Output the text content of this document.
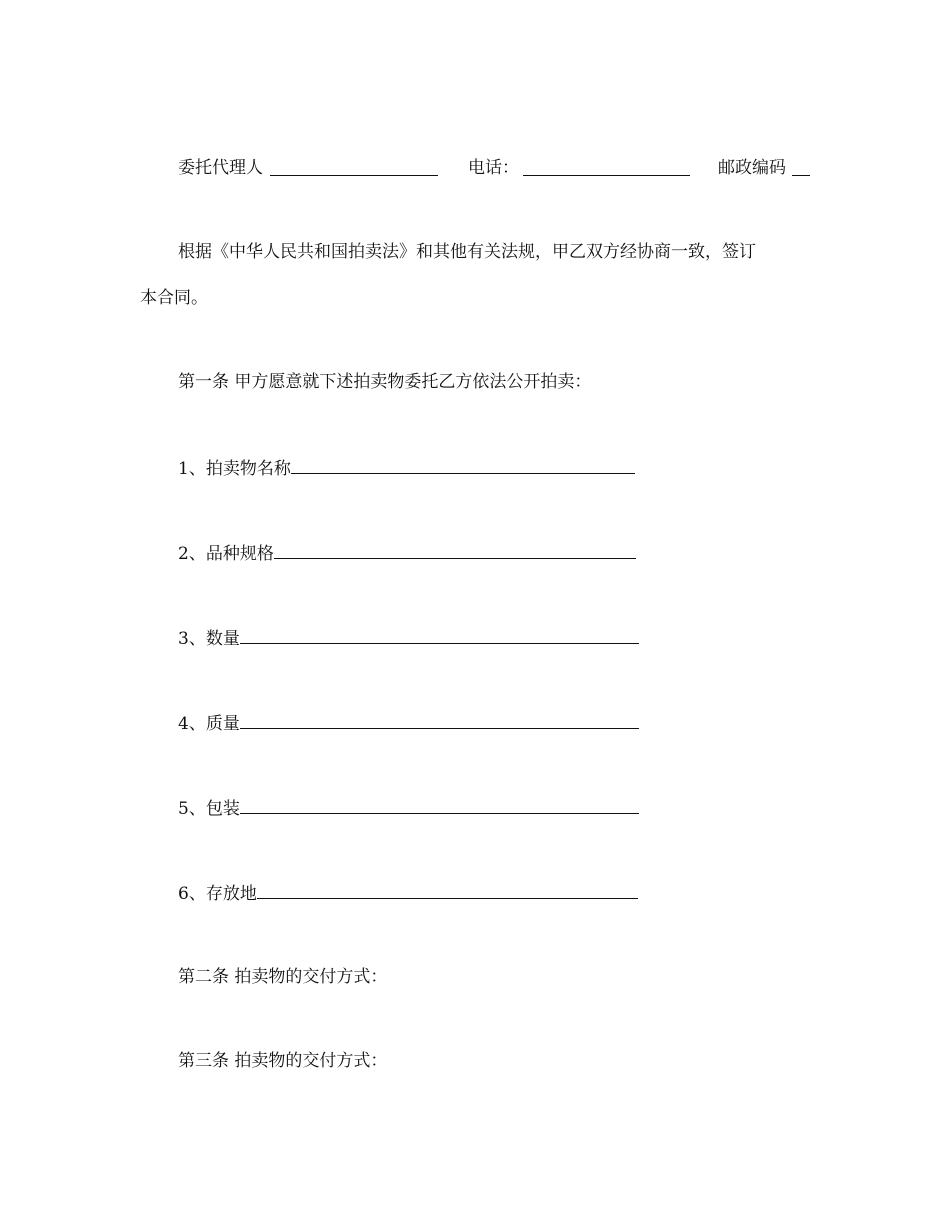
委托代理人	电话：	邮政编码
根据《中华人民共和国拍卖法》和其他有关法规，甲乙双方经协商一致，签订
本合同。
第一条 甲方愿意就下述拍卖物委托乙方依法公开拍卖：
1、拍卖物名称
2、品种规格
3、数量
4、质量
5、包装
6、存放地
第二条 拍卖物的交付方式：
第三条 拍卖物的交付方式：
